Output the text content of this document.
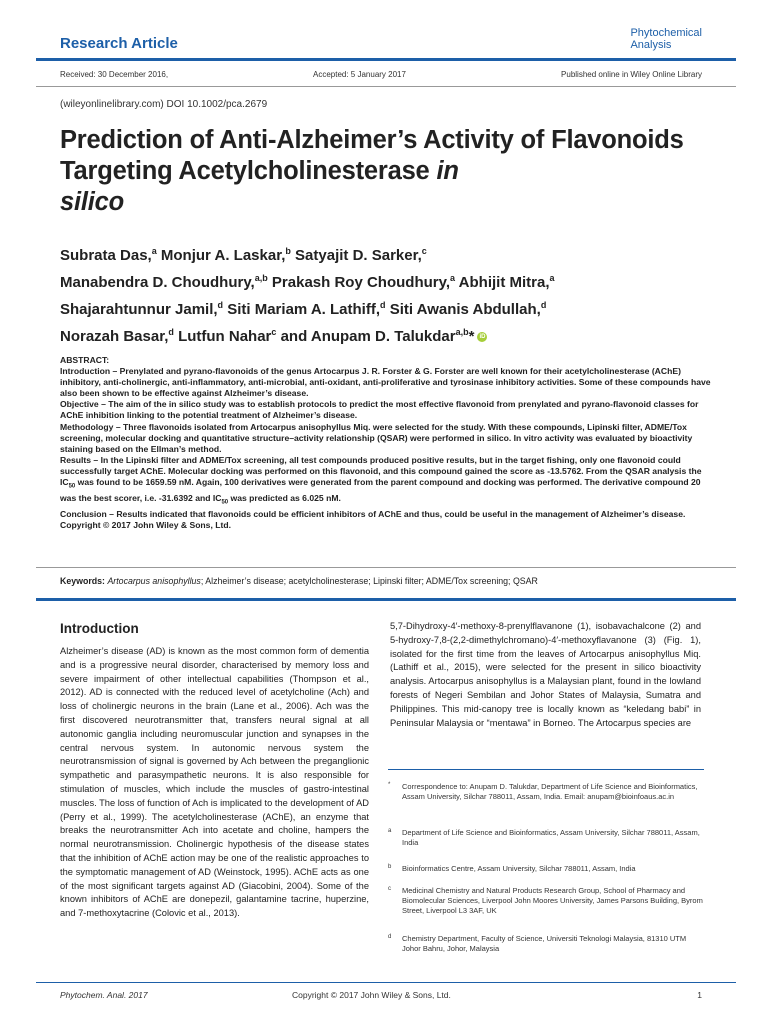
Research Article
Phytochemical
Analysis
Received: 30 December 2016,	Accepted: 5 January 2017	Published online in Wiley Online Library
(wileyonlinelibrary.com) DOI 10.1002/pca.2679
Prediction of Anti-Alzheimer’s Activity of Flavonoids Targeting Acetylcholinesterase in
silico
Subrata Das,$^a$ Monjur A. Laskar,$^b$ Satyajit D. Sarker,$^c$
Manabendra D. Choudhury,$^{a,b}$ Prakash Roy Choudhury,$^a$ Abhijit Mitra,$^a$
Shajarahtunnur Jamil,$^d$ Siti Mariam A. Lathiff,$^d$ Siti Awanis Abdullah,$^d$
Norazah Basar,$^d$ Lutfun Nahar$^c$ and Anupam D. Talukdar$^{a,b}$* iD

ABSTRACT:

Introduction – Prenylated and pyrano-flavonoids of the genus Artocarpus J. R. Forster & G. Forster are well known for their acetylcholinesterase (AChE) inhibitory, anti-cholinergic, anti-inflammatory, anti-microbial, anti-oxidant, anti-proliferative and tyrosinase inhibitory activities. Some of these compounds have also been shown to be effective against Alzheimer’s disease.

Objective – The aim of the in silico study was to establish protocols to predict the most effective flavonoid from prenylated and pyrano-flavonoid classes for AChE inhibition linking to the potential treatment of Alzheimer’s disease.

Methodology – Three flavonoids isolated from Artocarpus anisophyllus Miq. were selected for the study. With these compounds, Lipinski filter, ADME/Tox screening, molecular docking and quantitative structure–activity relationship (QSAR) were performed in silico. In vitro activity was evaluated by bioactivity staining based on the Ellman’s method.

Results – In the Lipinski filter and ADME/Tox screening, all test compounds produced positive results, but in the target fishing, only one flavonoid could successfully target AChE. Molecular docking was performed on this flavonoid, and this compound gained the score as -13.5762. From the QSAR analysis the $IC_{50}$ was found to be 1659.59 nM. Again, 100 derivatives were generated from the parent compound and docking was performed. The derivative compound 20 was the best scorer, i.e. -31.6392 and $IC_{50}$ was predicted as 6.025 nM.

Conclusion – Results indicated that flavonoids could be efficient inhibitors of AChE and thus, could be useful in the management of Alzheimer’s disease. Copyright © 2017 John Wiley & Sons, Ltd.

Keywords: Artocarpus anisophyllus; Alzheimer’s disease; acetylcholinesterase; Lipinski filter; ADME/Tox screening; QSAR
Introduction

Alzheimer’s disease (AD) is known as the most common form of dementia and is a progressive neural disorder, characterised by memory loss and severe impairment of other intellectual capabilities (Thompson et al., 2012). AD is connected with the reduced level of acetylcholine (Ach) and loss of cholinergic neurons in the brain (Lane et al., 2006). Ach was the first discovered neurotransmitter that, transfers neural signal at all autonomic ganglia including neuromuscular junction and synapses in the central nervous system. In autonomic nervous system the neurotransmission of signal is governed by Ach between the preganglionic sympathetic and parasympathetic neurons. It is also responsible for stimulation of muscles, which include the muscles of gastro-intestinal muscles. The loss of function of Ach is implicated to the development of AD (Perry et al., 1999). The acetylcholinesterase (AChE), an enzyme that breaks the neurotransmitter Ach into acetate and choline, hampers the normal neurotransmission. Cholinergic hypothesis of the disease states that the inhibition of AChE action may be one of the realistic approaches to the symptomatic management of AD (Weinstock, 1995). AChE acts as one of the most significant targets against AD (Giacobini, 2004). Some of the known inhibitors of AChE are donepezil, galantamine tacrine, huperzine, and 7-methoxytacrine (Colovic et al., 2013).

5,7-Dihydroxy-4′-methoxy-8-prenylflavanone (1), isobavachalcone (2) and 5-hydroxy-7,8-(2,2-dimethylchromano)-4′-methoxyflavanone (3) (Fig. 1), isolated for the first time from the leaves of Artocarpus anisophyllus Miq. (Lathiff et al., 2015), were selected for the present in silico bioactivity analysis. Artocarpus anisophyllus is a Malaysian plant, found in the lowland forests of Negeri Sembilan and Johor States of Malaysia, Sumatra and Philippines. This mid-canopy tree is locally known as “keledang babi” in Peninsular Malaysia or “mentawa” in Borneo. The Artocarpus species are

*	Correspondence to: Anupam D. Talukdar, Department of Life Science and Bioinformatics, Assam University, Silchar 788011, Assam, India. Email: anupam@bioinfoaus.ac.in
a	Department of Life Science and Bioinformatics, Assam University, Silchar 788011, Assam, India
b	Bioinformatics Centre, Assam University, Silchar 788011, Assam, India
c	Medicinal Chemistry and Natural Products Research Group, School of Pharmacy and Biomolecular Sciences, Liverpool John Moores University, James Parsons Building, Byrom Street, Liverpool L3 3AF, UK
d	Chemistry Department, Faculty of Science, Universiti Teknologi Malaysia, 81310 UTM Johor Bahru, Johor, Malaysia
Phytochem. Anal. 2017	Copyright © 2017 John Wiley & Sons, Ltd.	1
